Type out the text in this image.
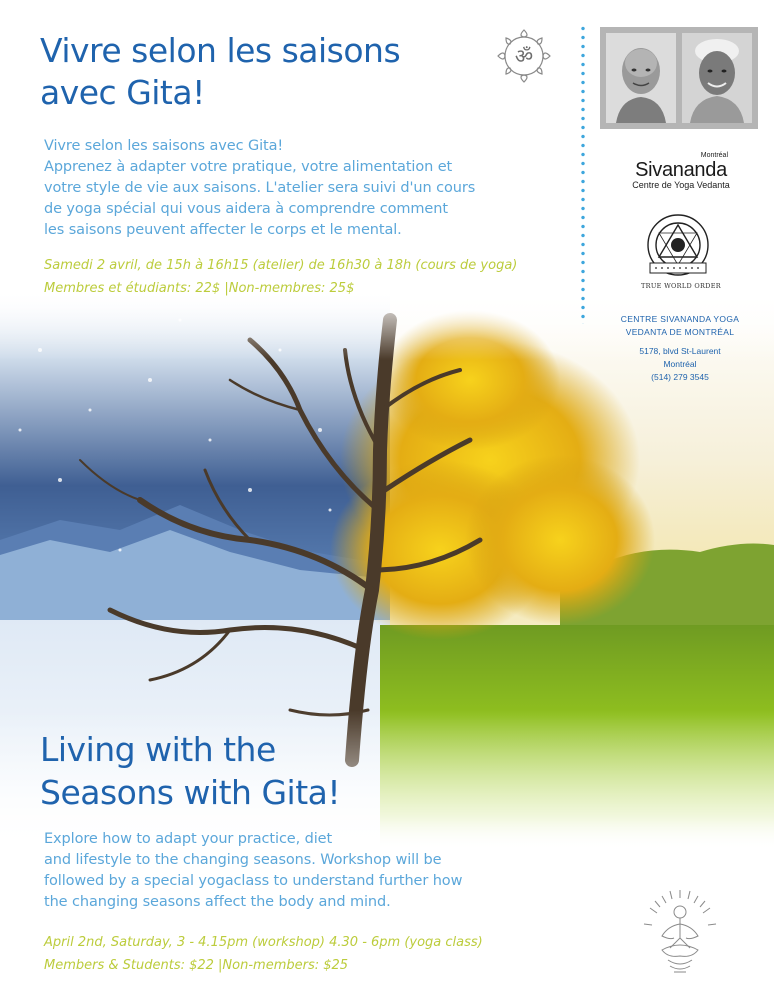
Vivre selon les saisons
avec Gita!

Vivre selon les saisons avec Gita!
Apprenez à adapter votre pratique, votre alimentation et
votre style de vie aux saisons. L'atelier sera suivi d'un cours
de yoga spécial qui vous aidera à comprendre comment
les saisons peuvent affecter le corps et le mental.

Samedi 2 avril, de 15h à 16h15 (atelier) de 16h30 à 18h (cours de yoga)

Membres et étudiants: 22$ |Non-membres: 25$

ॐ
Montréal
Sivananda
Centre de Yoga Vedanta
TRUE WORLD ORDER
CENTRE SIVANANDA YOGA
VEDANTA DE MONTRÉAL
5178, blvd St-Laurent
Montréal
(514) 279 3545
Living with the
Seasons with Gita!

Explore how to adapt your practice, diet
and lifestyle to the changing seasons. Workshop will be
followed by a special yogaclass to understand further how
the changing seasons affect the body and mind.

April 2nd, Saturday, 3 - 4.15pm (workshop) 4.30 - 6pm (yoga class)

Members & Students: $22 |Non-members: $25
